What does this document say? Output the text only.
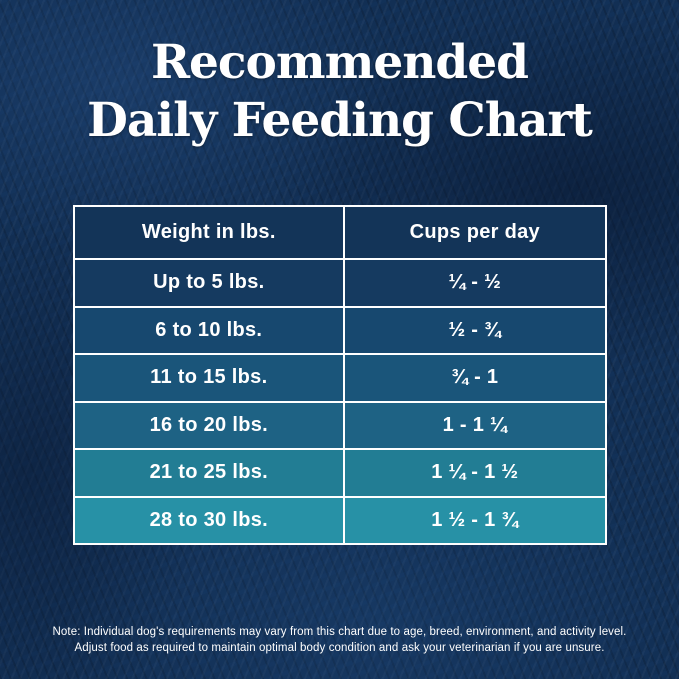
Recommended
Daily Feeding Chart
Weight in lbs.	Cups per day
Up to 5 lbs.	¼ - ½
6 to 10 lbs.	½ - ¾
11 to 15 lbs.	¾ - 1
16 to 20 lbs.	1 - 1 ¼
21 to 25 lbs.	1 ¼ - 1 ½
28 to 30 lbs.	1 ½ - 1 ¾
Note: Individual dog's requirements may vary from this chart due to age, breed, environment, and activity level.
Adjust food as required to maintain optimal body condition and ask your veterinarian if you are unsure.
